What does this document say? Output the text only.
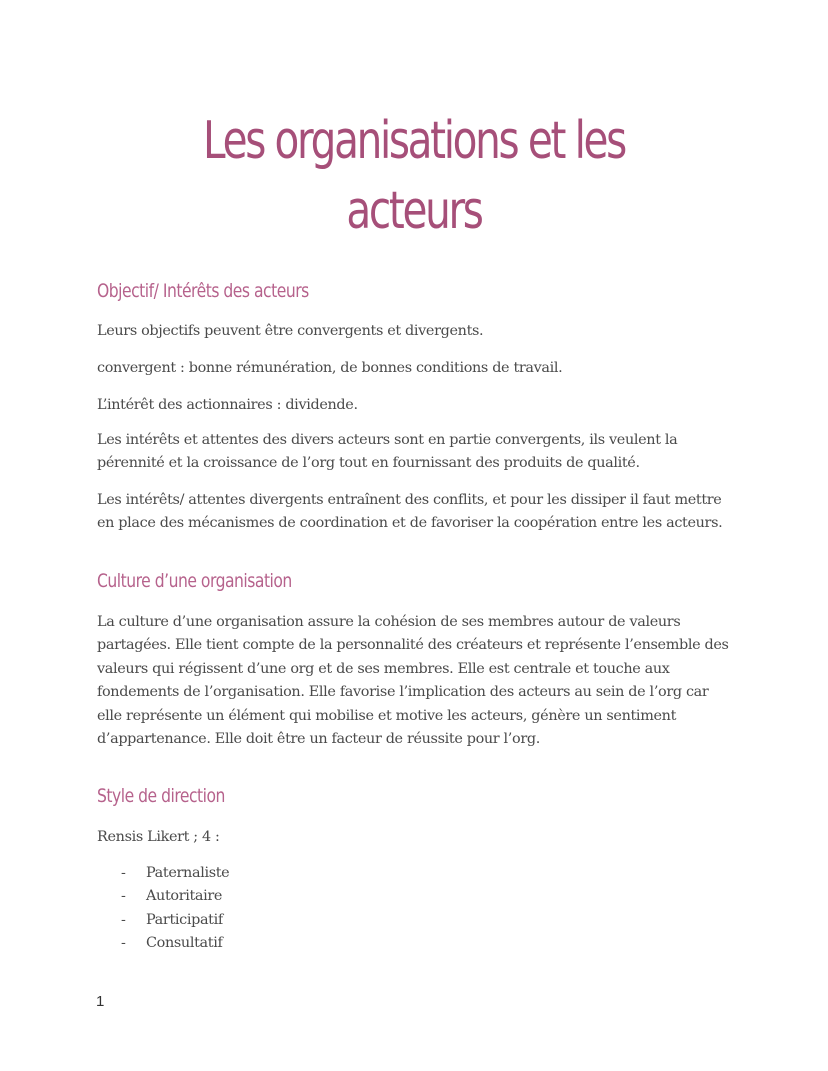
Les organisations et les acteurs
Objectif/ Intérêts des acteurs

Leurs objectifs peuvent être convergents et divergents.

convergent : bonne rémunération, de bonnes conditions de travail.

L’intérêt des actionnaires : dividende.

Les intérêts et attentes des divers acteurs sont en partie convergents, ils veulent la pérennité et la croissance de l’org tout en fournissant des produits de qualité.

Les intérêts/ attentes divergents entraînent des conflits, et pour les dissiper il faut mettre en place des mécanismes de coordination et de favoriser la coopération entre les acteurs.

Culture d’une organisation

La culture d’une organisation assure la cohésion de ses membres autour de valeurs partagées. Elle tient compte de la personnalité des créateurs et représente l’ensemble des valeurs qui régissent d’une org et de ses membres. Elle est centrale et touche aux fondements de l’organisation. Elle favorise l’implication des acteurs au sein de l’org car elle représente un élément qui mobilise et motive les acteurs, génère un sentiment d’appartenance. Elle doit être un facteur de réussite pour l’org.

Style de direction

Rensis Likert ; 4 :

- Paternaliste
- Autoritaire
- Participatif
- Consultatif

1
